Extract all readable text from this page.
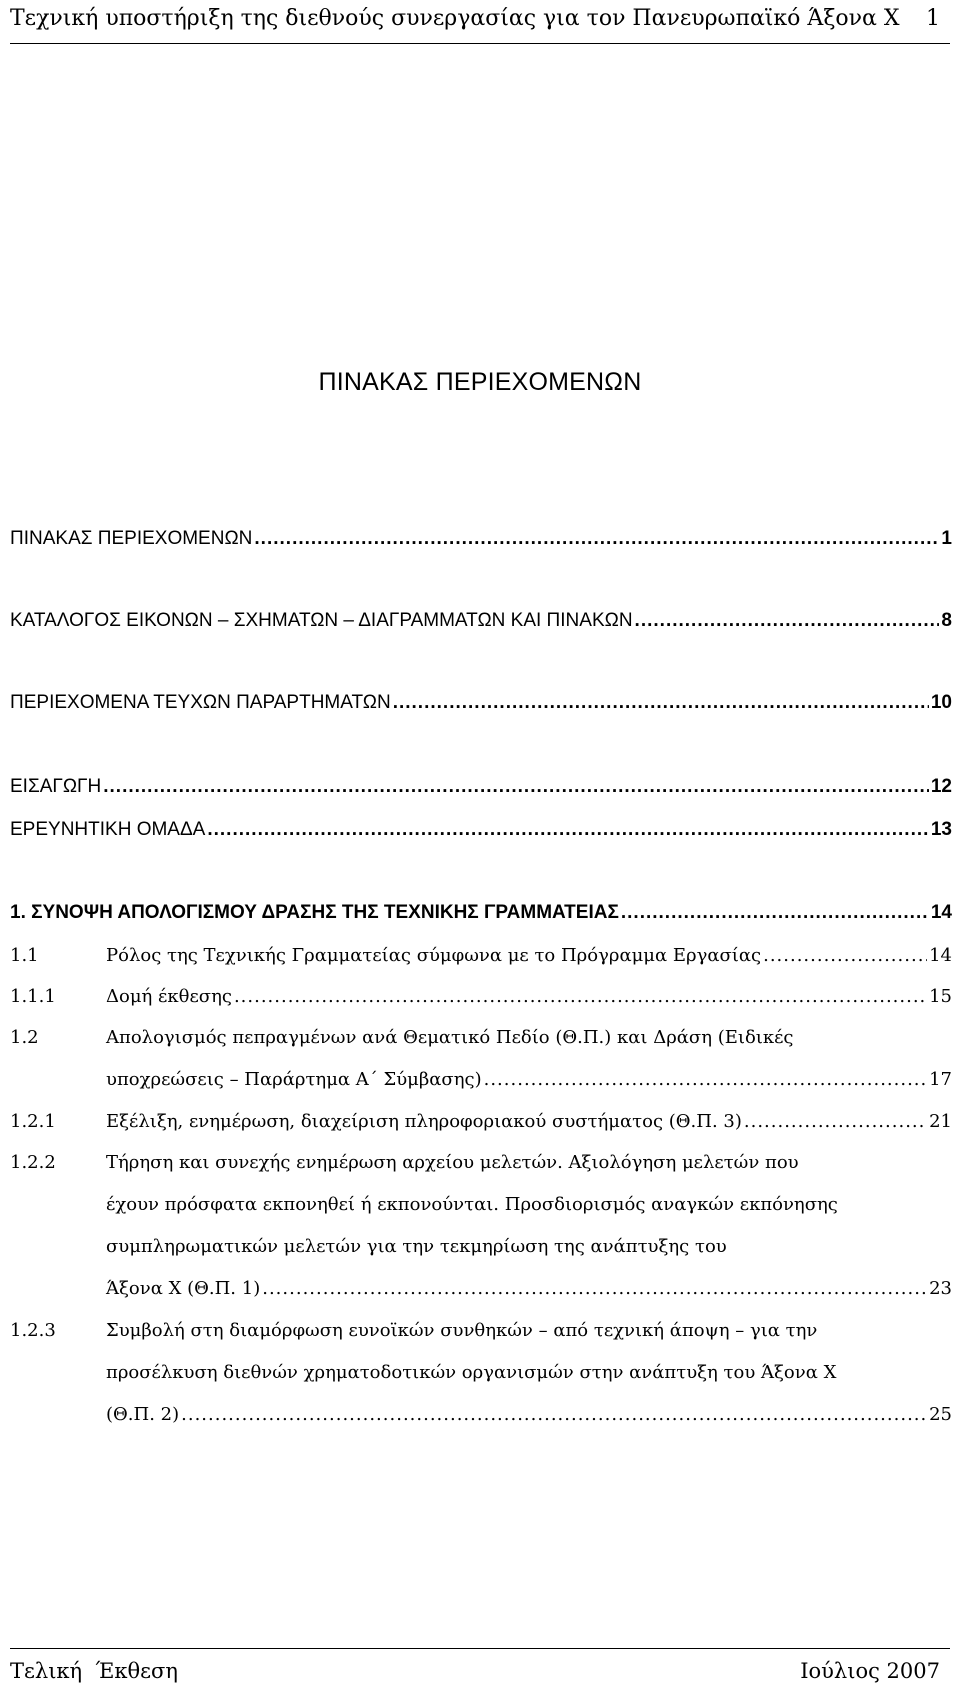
Τεχνική υποστήριξη της διεθνούς συνεργασίας για τον Πανευρωπαϊκό Άξονα Χ 1
ΠΙΝΑΚΑΣ ΠΕΡΙΕΧΟΜΕΝΩΝ
ΠΙΝΑΚΑΣ ΠΕΡΙΕΧΟΜΕΝΩΝ .....	1
ΚΑΤΑΛΟΓΟΣ ΕΙΚΟΝΩΝ – ΣΧΗΜΑΤΩΝ – ΔΙΑΓΡΑΜΜΑΤΩΝ ΚΑΙ ΠΙΝΑΚΩΝ .....	8
ΠΕΡΙΕΧΟΜΕΝΑ ΤΕΥΧΩΝ ΠΑΡΑΡΤΗΜΑΤΩΝ .....	10
ΕΙΣΑΓΩΓΗ .....	12
ΕΡΕΥΝΗΤΙΚΗ ΟΜΑΔΑ .....	13
1. ΣΥΝΟΨΗ ΑΠΟΛΟΓΙΣΜΟΥ ΔΡΑΣΗΣ ΤΗΣ ΤΕΧΝΙΚΗΣ ΓΡΑΜΜΑΤΕΙΑΣ .....	14
1.1	Ρόλος της Τεχνικής Γραμματείας σύμφωνα με το Πρόγραμμα Εργασίας .....	14
1.1.1	Δομή έκθεσης .....	15
1.2	Απολογισμός πεπραγμένων ανά Θεματικό Πεδίο (Θ.Π.) και Δράση (Ειδικές
υποχρεώσεις – Παράρτημα Α΄ Σύμβασης) .....	17
1.2.1	Εξέλιξη, ενημέρωση, διαχείριση πληροφοριακού συστήματος (Θ.Π. 3) .....	21
1.2.2	Τήρηση και συνεχής ενημέρωση αρχείου μελετών. Αξιολόγηση μελετών που
έχουν πρόσφατα εκπονηθεί ή εκπονούνται. Προσδιορισμός αναγκών εκπόνησης
συμπληρωματικών μελετών για την τεκμηρίωση της ανάπτυξης του
Άξονα Χ (Θ.Π. 1) .....	23
1.2.3	Συμβολή στη διαμόρφωση ευνοϊκών συνθηκών – από τεχνική άποψη – για την
προσέλκυση διεθνών χρηματοδοτικών οργανισμών στην ανάπτυξη του Άξονα Χ
(Θ.Π. 2) .....	25
Τελική  Έκθεση	Ιούλιος 2007
